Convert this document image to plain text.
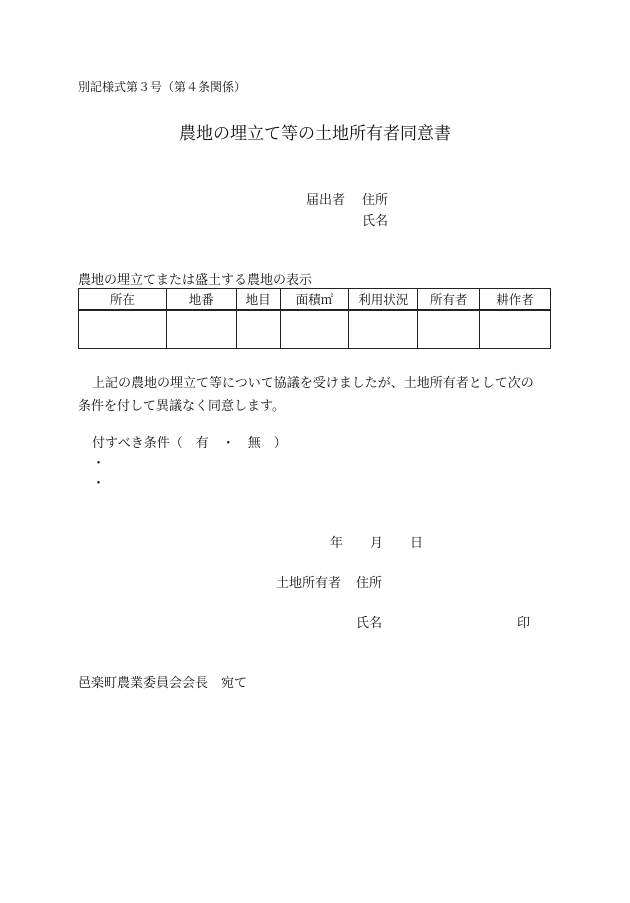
別記様式第３号（第４条関係）
農地の埋立て等の土地所有者同意書
届出者 住所
氏名
農地の埋立てまたは盛土する農地の表示
所在	地番	地目	面積㎡	利用状況	所有者	耕作者

上記の農地の埋立て等について協議を受けましたが、土地所有者として次の
条件を付して異議なく同意します。
付すべき条件（　有　・　無　）
・
・
年 月 日
土地所有者 住所
氏名	印
邑楽町農業委員会会長　宛て
